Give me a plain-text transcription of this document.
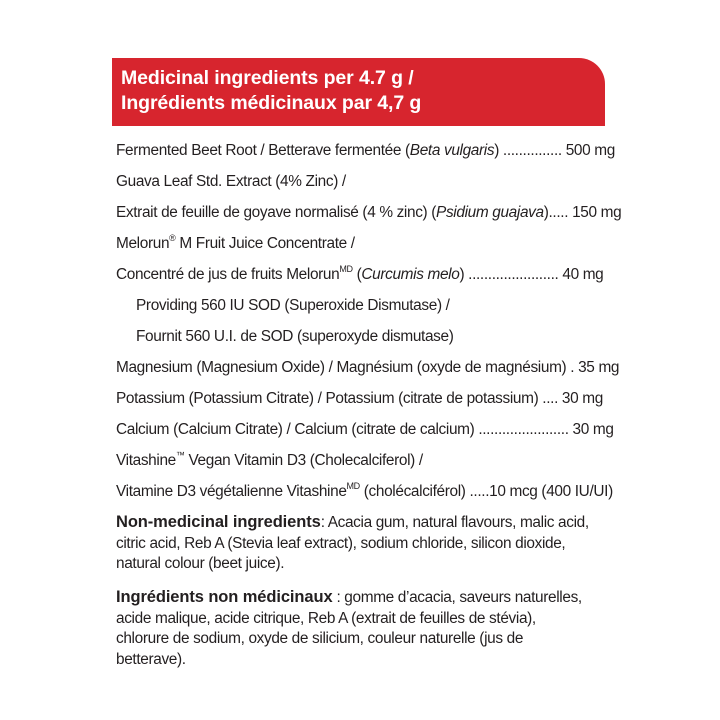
Medicinal ingredients per 4.7 g /
Ingrédients médicinaux par 4,7 g
Fermented Beet Root / Betterave fermentée (Beta vulgaris) ............... 500 mg
Guava Leaf Std. Extract (4% Zinc) /
Extrait de feuille de goyave normalisé (4 % zinc) (Psidium guajava)..... 150 mg
Melorun® M Fruit Juice Concentrate /
Concentré de jus de fruits Melorun$^{MD}$ (Curcumis melo) ....................... 40 mg
Providing 560 IU SOD (Superoxide Dismutase) /
Fournit 560 U.I. de SOD (superoxyde dismutase)
Magnesium (Magnesium Oxide) / Magnésium (oxyde de magnésium) . 35 mg
Potassium (Potassium Citrate) / Potassium (citrate de potassium) .... 30 mg
Calcium (Calcium Citrate) / Calcium (citrate de calcium) ....................... 30 mg
Vitashine™ Vegan Vitamin D3 (Cholecalciferol) /
Vitamine D3 végétalienne Vitashine$^{MD}$ (cholécalciférol) .....10 mcg (400 IU/UI)
Non-medicinal ingredients: Acacia gum, natural flavours, malic acid, citric acid, Reb A (Stevia leaf extract), sodium chloride, silicon dioxide, natural colour (beet juice).
Ingrédients non médicinaux : gomme d’acacia, saveurs naturelles, acide malique, acide citrique, Reb A (extrait de feuilles de stévia), chlorure de sodium, oxyde de silicium, couleur naturelle (jus de betterave).
